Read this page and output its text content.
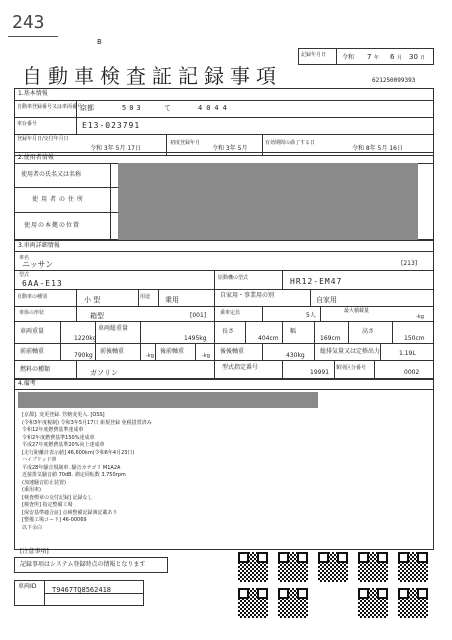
243
B
記録年月日	令和 7 年 6 月 30 日
自動車検査証記録事項	621250099393
1.基本情報
自動車登録番号又は車両番号
京都	503	て	4044
車台番号	E13-023791
登録年月日/交付年月日
令和 3年 5月 17日
初度登録年月
令和 3年 5月
有効期間の満了する日
令和 8年 5月 16日
2.使用者情報
使用者の氏名又は名称
使用者の住所
使用の本拠の位置
3.車両詳細情報
車名
ニッサン	[213]
型式
6AA-E13
原動機の型式	HR12-EM47
自動車の種別	小 型	用途 乗用
自家用・事業用の別
自家用
車体の形状	箱型	[001]	乗車定員	5人
最大積載量
-kg
車両重量
1220kg
車両総重量
1495kg
長さ
404cm
幅
169cm
高さ
150cm
前前軸重
790kg
前後軸重
-kg
後前軸重
-kg
後後軸重
430kg
総排気量又は定格出力	1.19L
燃料の種類	ガソリン
型式指定番号
19991
類別区分番号
0002
4.備考
[京都]. 変更登録. 管轄変更入. [OSS]
(令和3年度税制) 令和3年5月17日 新規登録 免税措置済み
令和12年度燃費基準達成車
令和2年度燃費基準150%達成車
平成27年度燃費基準20%向上達成車
[走行距離計表示値] 46,600km(令和6年4月23日)
ハイブリッド車
平成28年騒音規制車. 騒音カテゴリ M1A2A
近接排気騒音値 70dB. 測定回転数 3,750rpm
(加速騒音防止装置)
(乗用車)
[検査標章の交付記録] 記録なし
[検査所] 指定整備工場
[保安基準適合証] 点検整備記録簿記載あり
[整備工場コード] 46-00069
以下余白
[注意事項]
記録事項はシステム登録時点の情報となります
車両ID T9467TQ8562418
